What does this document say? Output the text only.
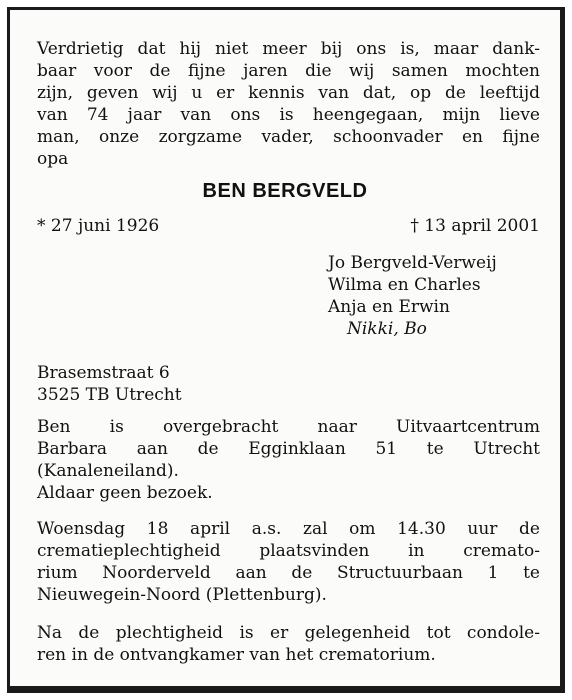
Verdrietig dat hij niet meer bij ons is, maar dank-
baar voor de fijne jaren die wij samen mochten
zijn, geven wij u er kennis van dat, op de leeftijd
van 74 jaar van ons is heengegaan, mijn lieve
man, onze zorgzame vader, schoonvader en fijne
opa
BEN BERGVELD
* 27 juni 1926	† 13 april 2001
Jo Bergveld-Verweij
Wilma en Charles
Anja en Erwin
Nikki, Bo
Brasemstraat 6
3525 TB Utrecht
Ben is overgebracht naar Uitvaartcentrum
Barbara aan de Egginklaan 51 te Utrecht
(Kanaleneiland).
Aldaar geen bezoek.
Woensdag 18 april a.s. zal om 14.30 uur de
crematieplechtigheid plaatsvinden in cremato-
rium Noorderveld aan de Structuurbaan 1 te
Nieuwegein-Noord (Plettenburg).
Na de plechtigheid is er gelegenheid tot condole-
ren in de ontvangkamer van het crematorium.
